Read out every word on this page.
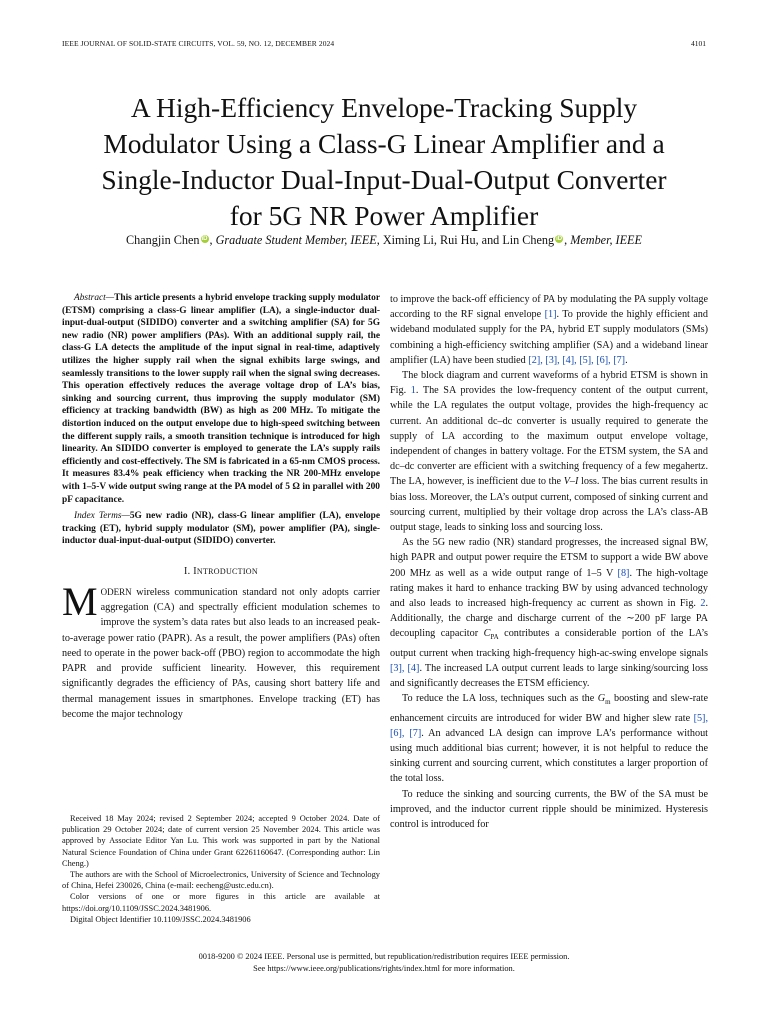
IEEE JOURNAL OF SOLID-STATE CIRCUITS, VOL. 59, NO. 12, DECEMBER 2024	4101
A High-Efficiency Envelope-Tracking Supply
Modulator Using a Class-G Linear Amplifier and a
Single-Inductor Dual-Input-Dual-Output Converter
for 5G NR Power Amplifier
Changjin Chen iD , Graduate Student Member, IEEE, Ximing Li, Rui Hu, and Lin Cheng iD , Member, IEEE

Abstract—This article presents a hybrid envelope tracking supply modulator (ETSM) comprising a class-G linear amplifier (LA), a single-inductor dual-input-dual-output (SIDIDO) converter and a switching amplifier (SA) for 5G new radio (NR) power amplifiers (PAs). With an additional supply rail, the class-G LA detects the amplitude of the input signal in real-time, adaptively utilizes the higher supply rail when the signal exhibits large swings, and seamlessly transitions to the lower supply rail when the signal swing decreases. This operation effectively reduces the average voltage drop of LA’s bias, sinking and sourcing current, thus improving the supply modulator (SM) efficiency at tracking bandwidth (BW) as high as 200 MHz. To mitigate the distortion induced on the output envelope due to high-speed switching between the different supply rails, a smooth transition technique is introduced for high linearity. An SIDIDO converter is employed to generate the LA’s supply rails efficiently and cost-effectively. The SM is fabricated in a 65-nm CMOS process. It measures 83.4% peak efficiency when tracking the NR 200-MHz envelope with 1–5-V wide output swing range at the PA model of 5 Ω in parallel with 200 pF capacitance.

Index Terms—5G new radio (NR), class-G linear amplifier (LA), envelope tracking (ET), hybrid supply modulator (SM), power amplifier (PA), single-inductor dual-input-dual-output (SIDIDO) converter.

I. INTRODUCTION

MODERN wireless communication standard not only adopts carrier aggregation (CA) and spectrally efficient modulation schemes to improve the system’s data rates but also leads to an increased peak-to-average power ratio (PAPR). As a result, the power amplifiers (PAs) often need to operate in the power back-off (PBO) region to accommodate the high PAPR and provide sufficient linearity. However, this requirement significantly degrades the efficiency of PAs, causing short battery life and thermal management issues in smartphones. Envelope tracking (ET) has become the major technology

Received 18 May 2024; revised 2 September 2024; accepted 9 October 2024. Date of publication 29 October 2024; date of current version 25 November 2024. This article was approved by Associate Editor Yan Lu. This work was supported in part by the National Natural Science Foundation of China under Grant 62261160647. (Corresponding author: Lin Cheng.)

The authors are with the School of Microelectronics, University of Science and Technology of China, Hefei 230026, China (e-mail: eecheng@ustc.edu.cn).

Color versions of one or more figures in this article are available at https://doi.org/10.1109/JSSC.2024.3481906.

Digital Object Identifier 10.1109/JSSC.2024.3481906

to improve the back-off efficiency of PA by modulating the PA supply voltage according to the RF signal envelope [1]. To provide the highly efficient and wideband modulated supply for the PA, hybrid ET supply modulators (SMs) combining a high-efficiency switching amplifier (SA) and a wideband linear amplifier (LA) have been studied [2], [3], [4], [5], [6], [7].

The block diagram and current waveforms of a hybrid ETSM is shown in Fig. 1. The SA provides the low-frequency content of the output current, while the LA regulates the output voltage, provides the high-frequency ac current. An additional dc–dc converter is usually required to generate the supply of LA according to the maximum output envelope voltage, independent of changes in battery voltage. For the ETSM system, the SA and dc–dc converter are efficient with a switching frequency of a few megahertz. The LA, however, is inefficient due to the V–I loss. The bias current results in bias loss. Moreover, the LA’s output current, composed of sinking current and sourcing current, multiplied by their voltage drop across the LA’s class-AB output stage, leads to sinking loss and sourcing loss.

As the 5G new radio (NR) standard progresses, the increased signal BW, high PAPR and output power require the ETSM to support a wide BW above 200 MHz as well as a wide output range of 1–5 V [8]. The high-voltage rating makes it hard to enhance tracking BW by using advanced technology and also leads to increased high-frequency ac current as shown in Fig. 2. Additionally, the charge and discharge current of the ∼200 pF large PA decoupling capacitor $C_{PA}$ contributes a considerable portion of the LA’s output current when tracking high-frequency high-ac-swing envelope signals [3], [4]. The increased LA output current leads to large sinking/sourcing loss and significantly decreases the ETSM efficiency.

To reduce the LA loss, techniques such as the $G_m$ boosting and slew-rate enhancement circuits are introduced for wider BW and higher slew rate [5], [6], [7]. An advanced LA design can improve LA’s performance without using much additional bias current; however, it is not helpful to reduce the sinking current and sourcing current, which constitutes a larger proportion of the total loss.

To reduce the sinking and sourcing currents, the BW of the SA must be improved, and the inductor current ripple should be minimized. Hysteresis control is introduced for

0018-9200 © 2024 IEEE. Personal use is permitted, but republication/redistribution requires IEEE permission.
See https://www.ieee.org/publications/rights/index.html for more information.
